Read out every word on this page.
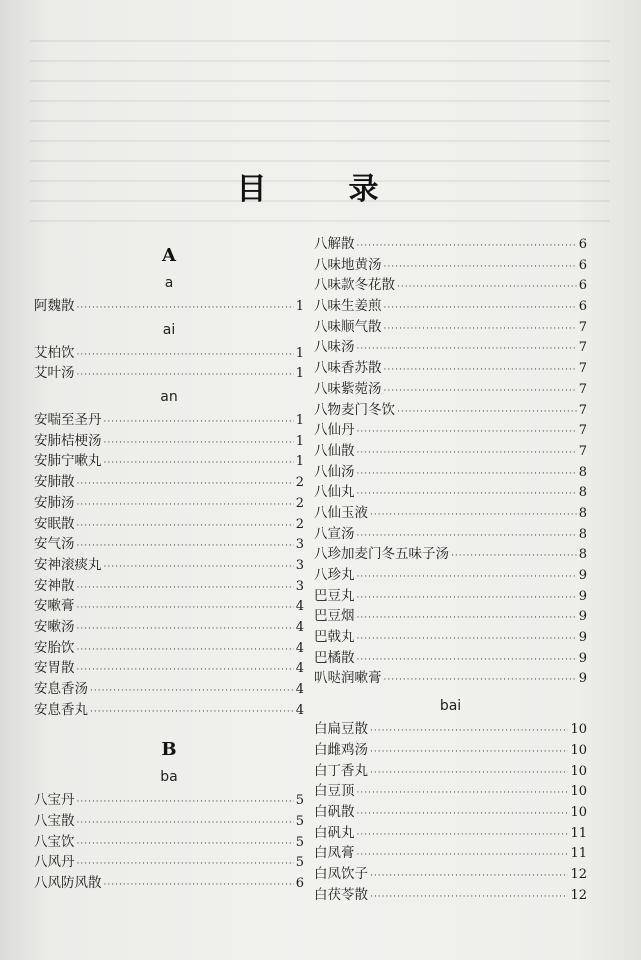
目　录
A
a
阿魏散 ·····	1
ai
艾柏饮 ·····	1
艾叶汤 ·····	1
an
安喘至圣丹 ·····	1
安肺桔梗汤 ·····	1
安肺宁嗽丸 ·····	1
安肺散 ·····	2
安肺汤 ·····	2
安眠散 ·····	2
安气汤 ·····	3
安神滚痰丸 ·····	3
安神散 ·····	3
安嗽膏 ·····	4
安嗽汤 ·····	4
安胎饮 ·····	4
安胃散 ·····	4
安息香汤 ·····	4
安息香丸 ·····	4
B
ba
八宝丹 ·····	5
八宝散 ·····	5
八宝饮 ·····	5
八风丹 ·····	5
八风防风散 ·····	6
八解散 ·····	6
八味地黄汤 ·····	6
八味款冬花散 ·····	6
八味生姜煎 ·····	6
八味顺气散 ·····	7
八味汤 ·····	7
八味香苏散 ·····	7
八味紫菀汤 ·····	7
八物麦门冬饮 ·····	7
八仙丹 ·····	7
八仙散 ·····	7
八仙汤 ·····	8
八仙丸 ·····	8
八仙玉液 ·····	8
八宣汤 ·····	8
八珍加麦门冬五味子汤 ·····	8
八珍丸 ·····	9
巴豆丸 ·····	9
巴豆烟 ·····	9
巴戟丸 ·····	9
巴橘散 ·····	9
叭哒润嗽膏 ·····	9
bai
白扁豆散 ·····	10
白雌鸡汤 ·····	10
白丁香丸 ·····	10
白豆顶 ·····	10
白矾散 ·····	10
白矾丸 ·····	11
白凤膏 ·····	11
白凤饮子 ·····	12
白茯苓散 ·····	12
